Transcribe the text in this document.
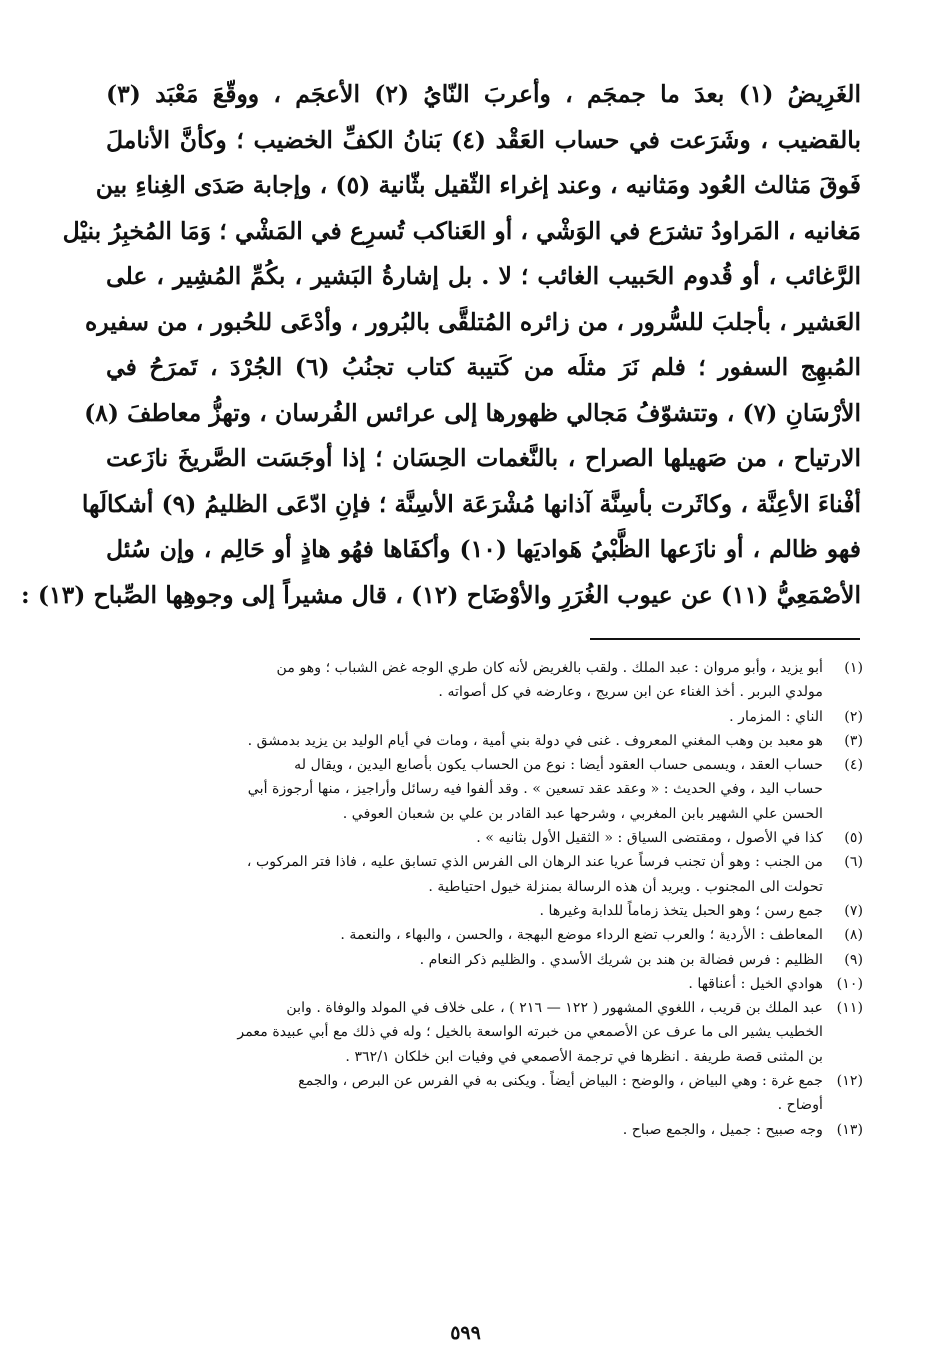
الغَرِيضُ (١) بعدَ ما جمجَم ، وأعربَ النّايُ (٢) الأعجَم ، ووقّعَ مَعْبَد (٣)
بالقضيب ، وشَرَعت في حساب العَقْد (٤) بَنانُ الكفِّ الخضيب ؛ وكأنَّ الأناملَ
فَوقَ مَثالث العُود ومَثانيه ، وعند إغراء الثّقيل بثّانية (٥) ، وإجابة صَدَى الغِناءِ بين
مَغانيه ، المَراودُ تشرَع في الوَشْي ، أو العَناكب تُسرِع في المَشْي ؛ وَمَا المُخبِرُ بنيْل
الرَّغائب ، أو قُدوم الحَبيب الغائب ؛ لا . بل إشارةُ البَشير ، بكُمِّ المُشِير ، على
العَشير ، بأجلبَ للسُّرور ، من زائره المُتلقَّى بالبُرور ، وأدْعَى للحُبور ، من سفيره
المُبهِج السفور ؛ فلم نَرَ مثلَه من كَتيبة كتاب تجنُبُ (٦) الجُرْدَ ، تَمرَحُ في
الأرْسَانِ (٧) ، وتتشوّفُ مَجالي ظهورها إلى عرائس الفُرسان ، وتهزُّ معاطفَ (٨)
الارتياح ، من صَهيلها الصراح ، بالنَّغمات الحِسَان ؛ إذا أوجَسَت الصَّريخَ نازَعت
أفْناءَ الأعِنَّة ، وكاثَرت بأسِنَّة آذانها مُشْرَعَة الأسِنَّة ؛ فإنِ ادّعَى الظليمُ (٩) أشكالَها
فهو ظالم ، أو نازَعها الظَّبْيُ هَواديَها (١٠) وأكفَاها فهُو هاذٍ أو حَالِم ، وإن سُئل
الأصْمَعِيُّ (١١) عن عيوب الغُرَرِ والأوْضَاح (١٢) ، قال مشيراً إلى وجوهِها الصِّباح (١٣) :
(١)
أبو يزيد ، وأبو مروان : عبد الملك . ولقب بالغريض لأنه كان طري الوجه غض الشباب ؛ وهو من
مولدي البربر . أخذ الغناء عن ابن سريج ، وعارضه في كل أصواته .
(٢)
الناي : المزمار .
(٣)
هو معبد بن وهب المغني المعروف . غنى في دولة بني أمية ، ومات في أيام الوليد بن يزيد بدمشق .
(٤)
حساب العقد ، ويسمى حساب العقود أيضا : نوع من الحساب يكون بأصابع اليدين ، ويقال له
حساب اليد ، وفي الحديث : « وعقد عقد تسعين » . وقد ألفوا فيه رسائل وأراجيز ، منها أرجوزة أبي
الحسن علي الشهير بابن المغربي ، وشرحها عبد القادر بن علي بن شعبان العوفي .
(٥)
كذا في الأصول ، ومقتضى السياق : « الثقيل الأول بثانيه » .
(٦)
من الجنب : وهو أن تجنب فرساً عريا عند الرهان الى الفرس الذي تسابق عليه ، فاذا فتر المركوب ،
تحولت الى المجنوب . ويريد أن هذه الرسالة بمنزلة خيول احتياطية .
(٧)
جمع رسن ؛ وهو الحبل يتخذ زماماً للدابة وغيرها .
(٨)
المعاطف : الأردية ؛ والعرب تضع الرداء موضع البهجة ، والحسن ، والبهاء ، والنعمة .
(٩)
الظليم : فرس فضالة بن هند بن شريك الأسدي . والظليم ذكر النعام .
(١٠)
هوادي الخيل : أعناقها .
(١١)
عبد الملك بن قريب ، اللغوي المشهور ( ١٢٢ — ٢١٦ ) ، على خلاف في المولد والوفاة . وابن
الخطيب يشير الى ما عرف عن الأصمعي من خبرته الواسعة بالخيل ؛ وله في ذلك مع أبي عبيدة معمر
بن المثنى قصة طريفة . انظرها في ترجمة الأصمعي في وفيات ابن خلكان ٣٦٢/١ .
(١٢)
جمع غرة : وهي البياض ، والوضح : البياض أيضاً . ويكنى به في الفرس عن البرص ، والجمع
أوضاح .
(١٣)
وجه صبيح : جميل ، والجمع صباح .
٥٩٩
